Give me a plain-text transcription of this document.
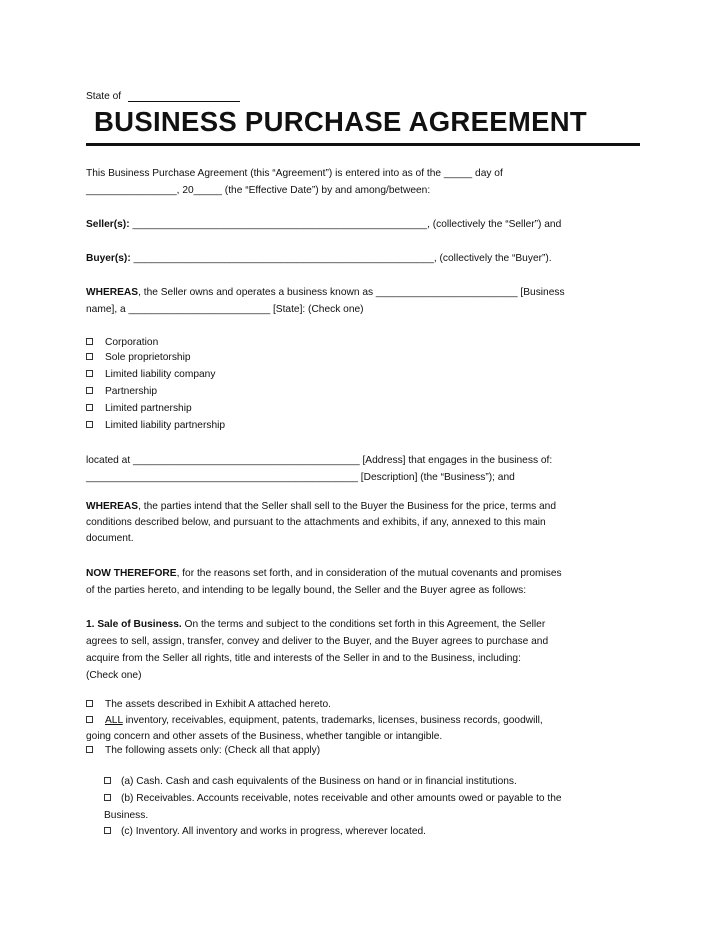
State of
BUSINESS PURCHASE AGREEMENT
This Business Purchase Agreement (this “Agreement”) is entered into as of the _____ day of
________________, 20_____ (the “Effective Date”) by and among/between:
Seller(s): ____________________________________________________, (collectively the “Seller”) and
Buyer(s): _____________________________________________________, (collectively the “Buyer”).
WHEREAS, the Seller owns and operates a business known as _________________________ [Business
name], a _________________________ [State]: (Check one)
Corporation
Sole proprietorship
Limited liability company
Partnership
Limited partnership
Limited liability partnership
located at ________________________________________ [Address] that engages in the business of:
________________________________________________ [Description] (the “Business”); and
WHEREAS, the parties intend that the Seller shall sell to the Buyer the Business for the price, terms and
conditions described below, and pursuant to the attachments and exhibits, if any, annexed to this main
document.
NOW THEREFORE, for the reasons set forth, and in consideration of the mutual covenants and promises
of the parties hereto, and intending to be legally bound, the Seller and the Buyer agree as follows:
1. Sale of Business. On the terms and subject to the conditions set forth in this Agreement, the Seller
agrees to sell, assign, transfer, convey and deliver to the Buyer, and the Buyer agrees to purchase and
acquire from the Seller all rights, title and interests of the Seller in and to the Business, including:
(Check one)
The assets described in Exhibit A attached hereto.
ALL inventory, receivables, equipment, patents, trademarks, licenses, business records, goodwill,
going concern and other assets of the Business, whether tangible or intangible.
The following assets only: (Check all that apply)
(a) Cash. Cash and cash equivalents of the Business on hand or in financial institutions.
(b) Receivables. Accounts receivable, notes receivable and other amounts owed or payable to the
Business.
(c) Inventory. All inventory and works in progress, wherever located.
